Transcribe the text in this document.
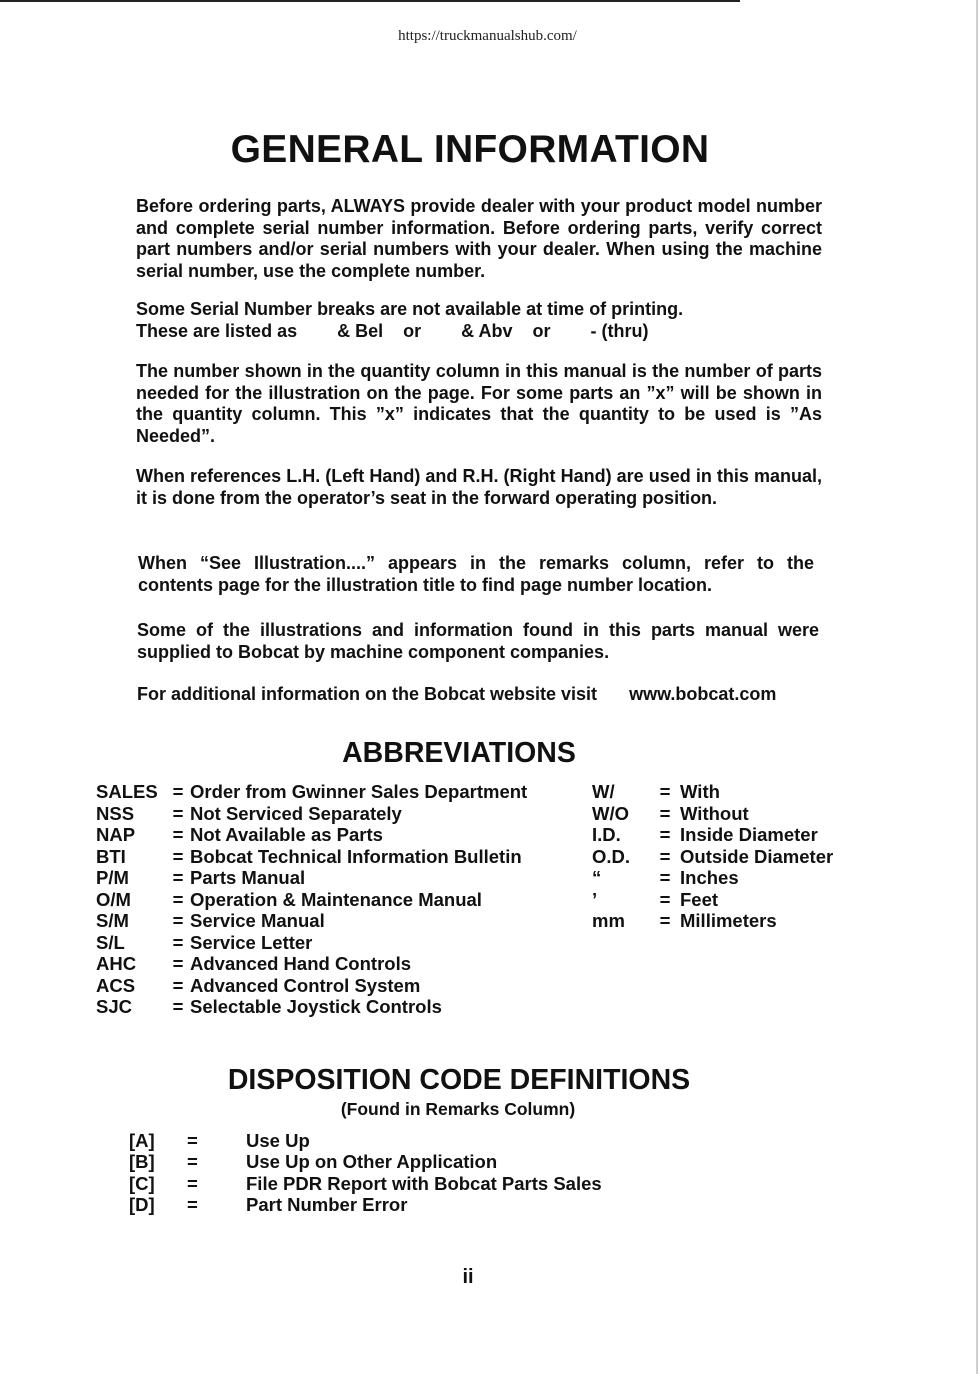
https://truckmanualshub.com/
GENERAL INFORMATION

Before ordering parts, ALWAYS provide dealer with your product model number and complete serial number information. Before ordering parts, verify correct part numbers and/or serial numbers with your dealer. When using the machine serial number, use the complete number.

Some Serial Number breaks are not available at time of printing.
These are listed as        & Bel    or        & Abv    or        - (thru)

The number shown in the quantity column in this manual is the number of parts needed for the illustration on the page. For some parts an ”x” will be shown in the quantity column. This ”x” indicates that the quantity to be used is ”As Needed”.

When references L.H. (Left Hand) and R.H. (Right Hand) are used in this manual, it is done from the operator’s seat in the forward operating position.

When “See Illustration....” appears in the remarks column, refer to the contents page for the illustration title to find page number location.

Some of the illustrations and information found in this parts manual were supplied to Bobcat by machine component companies.

For additional information on the Bobcat website visit www.bobcat.com
ABBREVIATIONS
SALES	=	Order from Gwinner Sales Department
NSS	=	Not Serviced Separately
NAP	=	Not Available as Parts
BTI	=	Bobcat Technical Information Bulletin
P/M	=	Parts Manual
O/M	=	Operation & Maintenance Manual
S/M	=	Service Manual
S/L	=	Service Letter
AHC	=	Advanced Hand Controls
ACS	=	Advanced Control System
SJC	=	Selectable Joystick Controls
W/	=	With
W/O	=	Without
I.D.	=	Inside Diameter
O.D.	=	Outside Diameter
“	=	Inches
’	=	Feet
mm	=	Millimeters
DISPOSITION CODE DEFINITIONS
(Found in Remarks Column)
[A]	=	Use Up
[B]	=	Use Up on Other Application
[C]	=	File PDR Report with Bobcat Parts Sales
[D]	=	Part Number Error
ii
